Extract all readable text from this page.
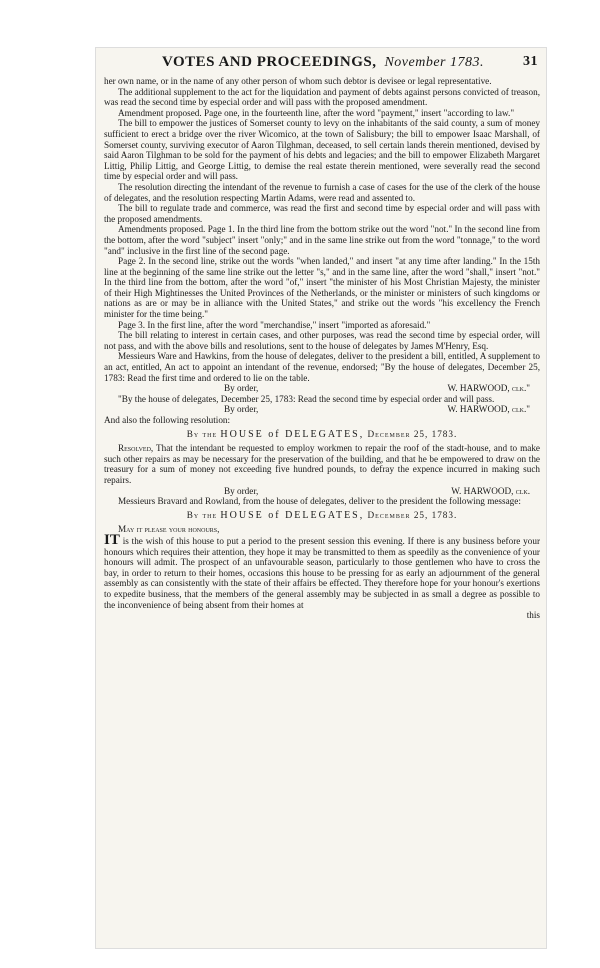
VOTES AND PROCEEDINGS, November 1783.	31

her own name, or in the name of any other person of whom such debtor is devisee or legal representative.

The additional supplement to the act for the liquidation and payment of debts against persons convicted of treason, was read the second time by especial order and will pass with the proposed amendment.

Amendment proposed. Page one, in the fourteenth line, after the word "payment," insert "according to law."

The bill to empower the justices of Somerset county to levy on the inhabitants of the said county, a sum of money sufficient to erect a bridge over the river Wicomico, at the town of Salisbury; the bill to empower Isaac Marshall, of Somerset county, surviving executor of Aaron Tilghman, deceased, to sell certain lands therein mentioned, devised by said Aaron Tilghman to be sold for the payment of his debts and legacies; and the bill to empower Elizabeth Margaret Littig, Philip Littig, and George Littig, to demise the real estate therein mentioned, were severally read the second time by especial order and will pass.

The resolution directing the intendant of the revenue to furnish a case of cases for the use of the clerk of the house of delegates, and the resolution respecting Martin Adams, were read and assented to.

The bill to regulate trade and commerce, was read the first and second time by especial order and will pass with the proposed amendments.

Amendments proposed. Page 1. In the third line from the bottom strike out the word "not." In the second line from the bottom, after the word "subject" insert "only;" and in the same line strike out from the word "tonnage," to the word "and" inclusive in the first line of the second page.

Page 2. In the second line, strike out the words "when landed," and insert "at any time after landing." In the 15th line at the beginning of the same line strike out the letter "s," and in the same line, after the word "shall," insert "not." In the third line from the bottom, after the word "of," insert "the minister of his Most Christian Majesty, the minister of their High Mightinesses the United Provinces of the Netherlands, or the minister or ministers of such kingdoms or nations as are or may be in alliance with the United States," and strike out the words "his excellency the French minister for the time being."

Page 3. In the first line, after the word "merchandise," insert "imported as aforesaid."

The bill relating to interest in certain cases, and other purposes, was read the second time by especial order, will not pass, and with the above bills and resolutions, sent to the house of delegates by James M'Henry, Esq.

Messieurs Ware and Hawkins, from the house of delegates, deliver to the president a bill, entitled, A supplement to an act, entitled, An act to appoint an intendant of the revenue, endorsed; "By the house of delegates, December 25, 1783: Read the first time and ordered to lie on the table.

By order,	W. HARWOOD, clk."

"By the house of delegates, December 25, 1783: Read the second time by especial order and will pass.

By order,	W. HARWOOD, clk."

And also the following resolution:

By the HOUSE of DELEGATES, December 25, 1783.

Resolved, That the intendant be requested to employ workmen to repair the roof of the stadt-house, and to make such other repairs as may be necessary for the preservation of the building, and that he be empowered to draw on the treasury for a sum of money not exceeding five hundred pounds, to defray the expence incurred in making such repairs.

By order,	W. HARWOOD, clk.

Messieurs Bravard and Rowland, from the house of delegates, deliver to the president the following message:

By the HOUSE of DELEGATES, December 25, 1783.

May it please your honours,

IT is the wish of this house to put a period to the present session this evening. If there is any business before your honours which requires their attention, they hope it may be transmitted to them as speedily as the convenience of your honours will admit. The prospect of an unfavourable season, particularly to those gentlemen who have to cross the bay, in order to return to their homes, occasions this house to be pressing for as early an adjournment of the general assembly as can consistently with the state of their affairs be effected. They therefore hope for your honour's exertions to expedite business, that the members of the general assembly may be subjected in as small a degree as possible to the inconvenience of being absent from their homes at

this
